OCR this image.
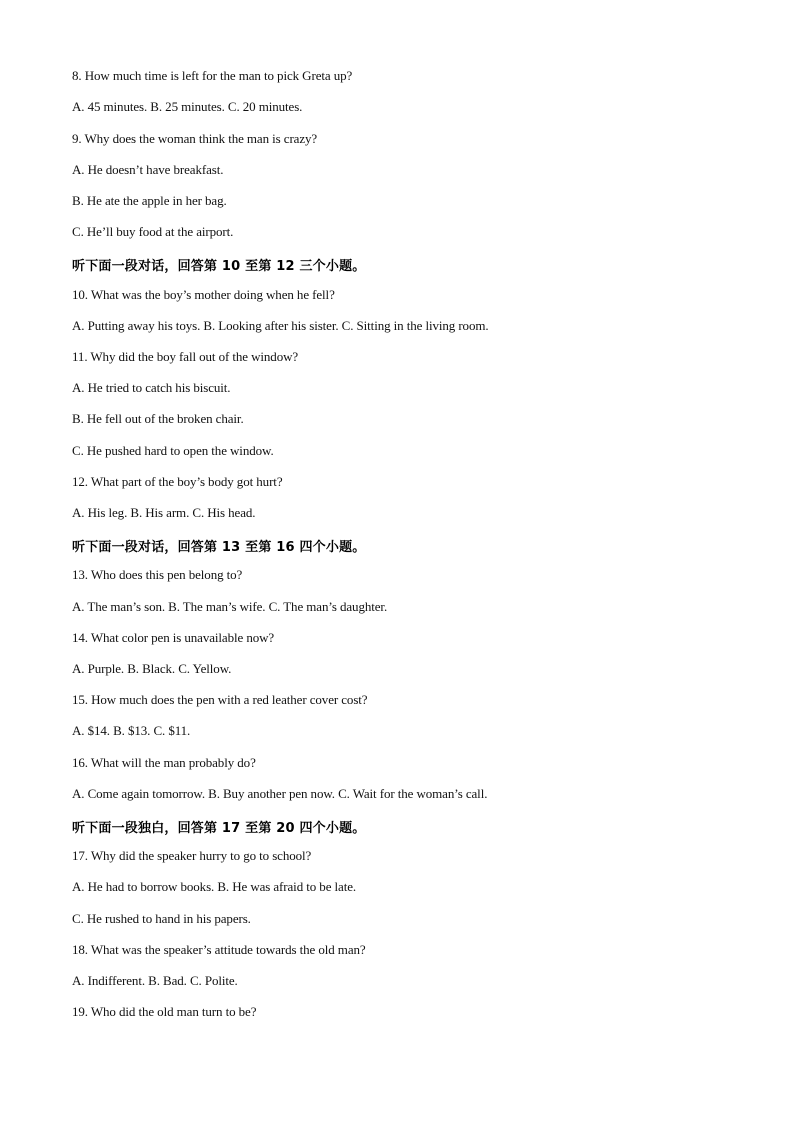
8. How much time is left for the man to pick Greta up?
A. 45 minutes. B. 25 minutes. C. 20 minutes.
9. Why does the woman think the man is crazy?
A. He doesn’t have breakfast.
B. He ate the apple in her bag.
C. He’ll buy food at the airport.
听下面一段对话，回答第 10 至第 12 三个小题。
10. What was the boy’s mother doing when he fell?
A. Putting away his toys. B. Looking after his sister. C. Sitting in the living room.
11. Why did the boy fall out of the window?
A. He tried to catch his biscuit.
B. He fell out of the broken chair.
C. He pushed hard to open the window.
12. What part of the boy’s body got hurt?
A. His leg. B. His arm. C. His head.
听下面一段对话，回答第 13 至第 16 四个小题。
13. Who does this pen belong to?
A. The man’s son. B. The man’s wife. C. The man’s daughter.
14. What color pen is unavailable now?
A. Purple. B. Black. C. Yellow.
15. How much does the pen with a red leather cover cost?
A. $14. B. $13. C. $11.
16. What will the man probably do?
A. Come again tomorrow. B. Buy another pen now. C. Wait for the woman’s call.
听下面一段独白，回答第 17 至第 20 四个小题。
17. Why did the speaker hurry to go to school?
A. He had to borrow books. B. He was afraid to be late.
C. He rushed to hand in his papers.
18. What was the speaker’s attitude towards the old man?
A. Indifferent. B. Bad. C. Polite.
19. Who did the old man turn to be?
